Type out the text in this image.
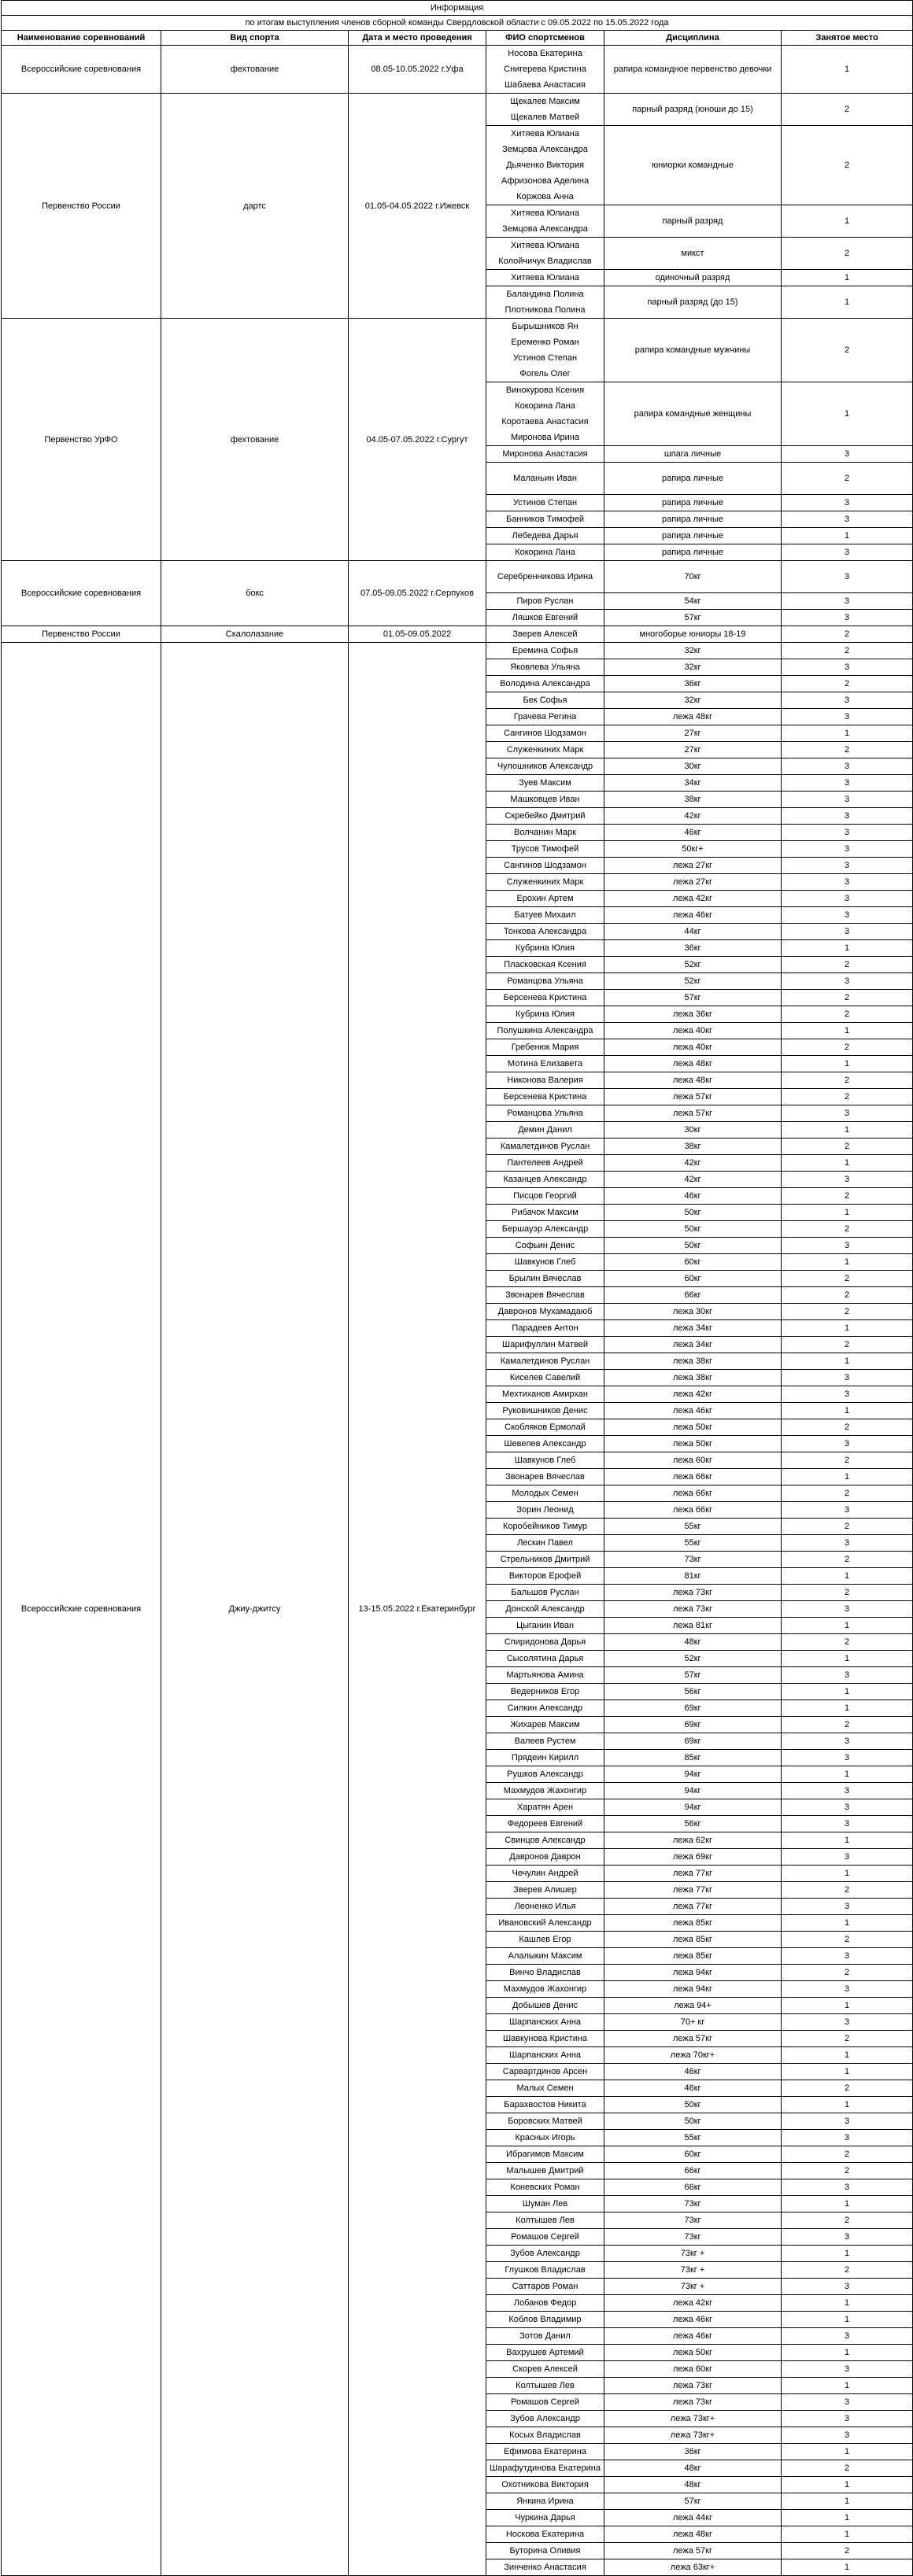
Информация					
по итогам выступления членов сборной команды Свердловской области с 09.05.2022 по 15.05.2022 года					
Наименование соревнований	Вид спорта	Дата и место проведения	ФИО спортсменов	Дисциплина	Занятое место
Всероссийские соревнования	фехтование	08.05-10.05.2022 г.Уфа	Носова Екатерина
Снигерева Кристина
Шабаева Анастасия	рапира командное первенство девочки	1
Первенство России	дартс	01.05-04.05.2022 г.Ижевск	Щекалев Максим
Щекалев Матвей	парный разряд (юноши до 15)	2

			Хитяева Юлиана
Земцова Александра
Дьяченко Виктория
Афризонова Аделина
Коржова Анна	юниорки командные	2

			Хитяева Юлиана
Земцова Александра	парный разряд	1

			Хитяева Юлиана
Колойчичук Владислав	микст	2

			Хитяева Юлиана	одиночный разряд	1

			Баландина Полина
Плотникова Полина	парный разряд (до 15)	1
Первенство УрФО	фехтование	04.05-07.05.2022 г.Сургут	Бырышников Ян
Еременко Роман
Устинов Степан
Фогель Олег	рапира командные мужчины	2

			Винокурова Ксения
Кокорина Лана
Коротаева Анастасия
Миронова Ирина	рапира командные женщины	1

			Миронова Анастасия	шпага личные	3

			Маланьин Иван	рапира личные	2

			Устинов Степан	рапира личные	3

			Банников Тимофей	рапира личные	3

			Лебедева Дарья	рапира личные	1

			Кокорина Лана	рапира личные	3
Всероссийские соревнования	бокс	07.05-09.05.2022 г.Серпухов	Серебренникова Ирина	70кг	3

			Пиров Руслан	54кг	3

			Ляшков Евгений	57кг	3
Первенство России	Скалолазание	01.05-09.05.2022	Зверев Алексей	многоборье юниоры 18-19	2
Всероссийские соревнования	Джиу-джитсу	13-15.05.2022 г.Екатеринбург	Еремина Софья	32кг	2

			Яковлева Ульяна	32кг	3

			Володина Александра	36кг	2

			Бек Софья	32кг	3

			Грачева Регина	лежа 48кг	3

			Сангинов Шодзамон	27кг	1

			Служенкиних Марк	27кг	2

			Чулошников Александр	30кг	3

			Зуев Максим	34кг	3

			Машковцев Иван	38кг	3

			Скребейко Дмитрий	42кг	3

			Волчанин Марк	46кг	3

			Трусов Тимофей	50кг+	3

			Сангинов Шодзамон	лежа 27кг	3

			Служенкиних Марк	лежа 27кг	3

			Ерохин Артем	лежа 42кг	3

			Батуев Михаил	лежа 46кг	3

			Тонкова Александра	44кг	3

			Кубрина Юлия	36кг	1

			Пласковская Ксения	52кг	2

			Романцова Ульяна	52кг	3

			Берсенева Кристина	57кг	2

			Кубрина Юлия	лежа 36кг	2

			Полушкина Александра	лежа 40кг	1

			Гребенюк Мария	лежа 40кг	2

			Мотина Елизавета	лежа 48кг	1

			Никонова Валерия	лежа 48кг	2

			Берсенева Кристина	лежа 57кг	2

			Романцова Ульяна	лежа 57кг	3

			Демин Данил	30кг	1

			Камалетдинов Руслан	38кг	2

			Пантелеев Андрей	42кг	1

			Казанцев Александр	42кг	3

			Писцов Георгий	46кг	2

			Рибачок Максим	50кг	1

			Бершауэр Александр	50кг	2

			Софьин Денис	50кг	3

			Шавкунов Глеб	60кг	1

			Брылин Вячеслав	60кг	2

			Звонарев Вячеслав	66кг	2

			Давронов Мухамадаюб	лежа 30кг	2

			Парадеев Антон	лежа 34кг	1

			Шарифуллин Матвей	лежа 34кг	2

			Камалетдинов Руслан	лежа 38кг	1

			Киселев Савелий	лежа 38кг	3

			Мехтиханов Амирхан	лежа 42кг	3

			Руковишников Денис	лежа 46кг	1

			Скобляков Ермолай	лежа 50кг	2

			Шевелев Александр	лежа 50кг	3

			Шавкунов Глеб	лежа 60кг	2

			Звонарев Вячеслав	лежа 66кг	1

			Молодых Семен	лежа 66кг	2

			Зорин Леонид	лежа 66кг	3

			Коробейников Тимур	55кг	2

			Лескин Павел	55кг	3

			Стрельников Дмитрий	73кг	2

			Викторов Ерофей	81кг	1

			Бальшов Руслан	лежа 73кг	2

			Донской Александр	лежа 73кг	3

			Цыганин Иван	лежа 81кг	1

			Спиридонова Дарья	48кг	2

			Сысолятина Дарья	52кг	1

			Мартьянова Амина	57кг	3

			Ведерников Егор	56кг	1

			Силкин Александр	69кг	1

			Жихарев Максим	69кг	2

			Валеев Рустем	69кг	3

			Прядеин Кирилл	85кг	3

			Рушков Александр	94кг	1

			Махмудов Жахонгир	94кг	3

			Харатян Арен	94кг	3

			Федореев Евгений	56кг	3

			Свинцов Александр	лежа 62кг	1

			Давронов Даврон	лежа 69кг	3

			Чечулин Андрей	лежа 77кг	1

			Зверев Алишер	лежа 77кг	2

			Леоненко Илья	лежа 77кг	3

			Ивановский Александр	лежа 85кг	1

			Кашлев Егор	лежа 85кг	2

			Алалыкин Максим	лежа 85кг	3

			Винчо Владислав	лежа 94кг	2

			Махмудов Жахонгир	лежа 94кг	3

			Добышев Денис	лежа 94+	1

			Шарпанских Анна	70+ кг	3

			Шавкунова Кристина	лежа 57кг	2

			Шарпанских Анна	лежа 70кг+	1

			Сарвартдинов Арсен	46кг	1

			Малых Семен	46кг	2

			Барахвостов Никита	50кг	1

			Боровских Матвей	50кг	3

			Красных Игорь	55кг	3

			Ибрагимов Максим	60кг	2

			Малышев Дмитрий	66кг	2

			Коневских Роман	66кг	3

			Шуман Лев	73кг	1

			Колтышев Лев	73кг	2

			Ромашов Сергей	73кг	3

			Зубов Александр	73кг +	1

			Глушков Владислав	73кг +	2

			Саттаров Роман	73кг +	3

			Лобанов Федор	лежа 42кг	1

			Коблов Владимир	лежа 46кг	1

			Зотов Данил	лежа 46кг	3

			Вахрушев Артемий	лежа 50кг	1

			Скорев Алексей	лежа 60кг	3

			Колтышев Лев	лежа 73кг	1

			Ромашов Сергей	лежа 73кг	3

			Зубов Александр	лежа 73кг+	3

			Косых Владислав	лежа 73кг+	3

			Ефимова Екатерина	36кг	1

			Шарафутдинова Екатерина	48кг	2

			Охотникова Виктория	48кг	1

			Янкина Ирина	57кг	1

			Чуркина Дарья	лежа 44кг	1

			Носкова Екатерина	лежа 48кг	1

			Буторина Оливия	лежа 57кг	2

			Зинченко Анастасия	лежа 63кг+	1
